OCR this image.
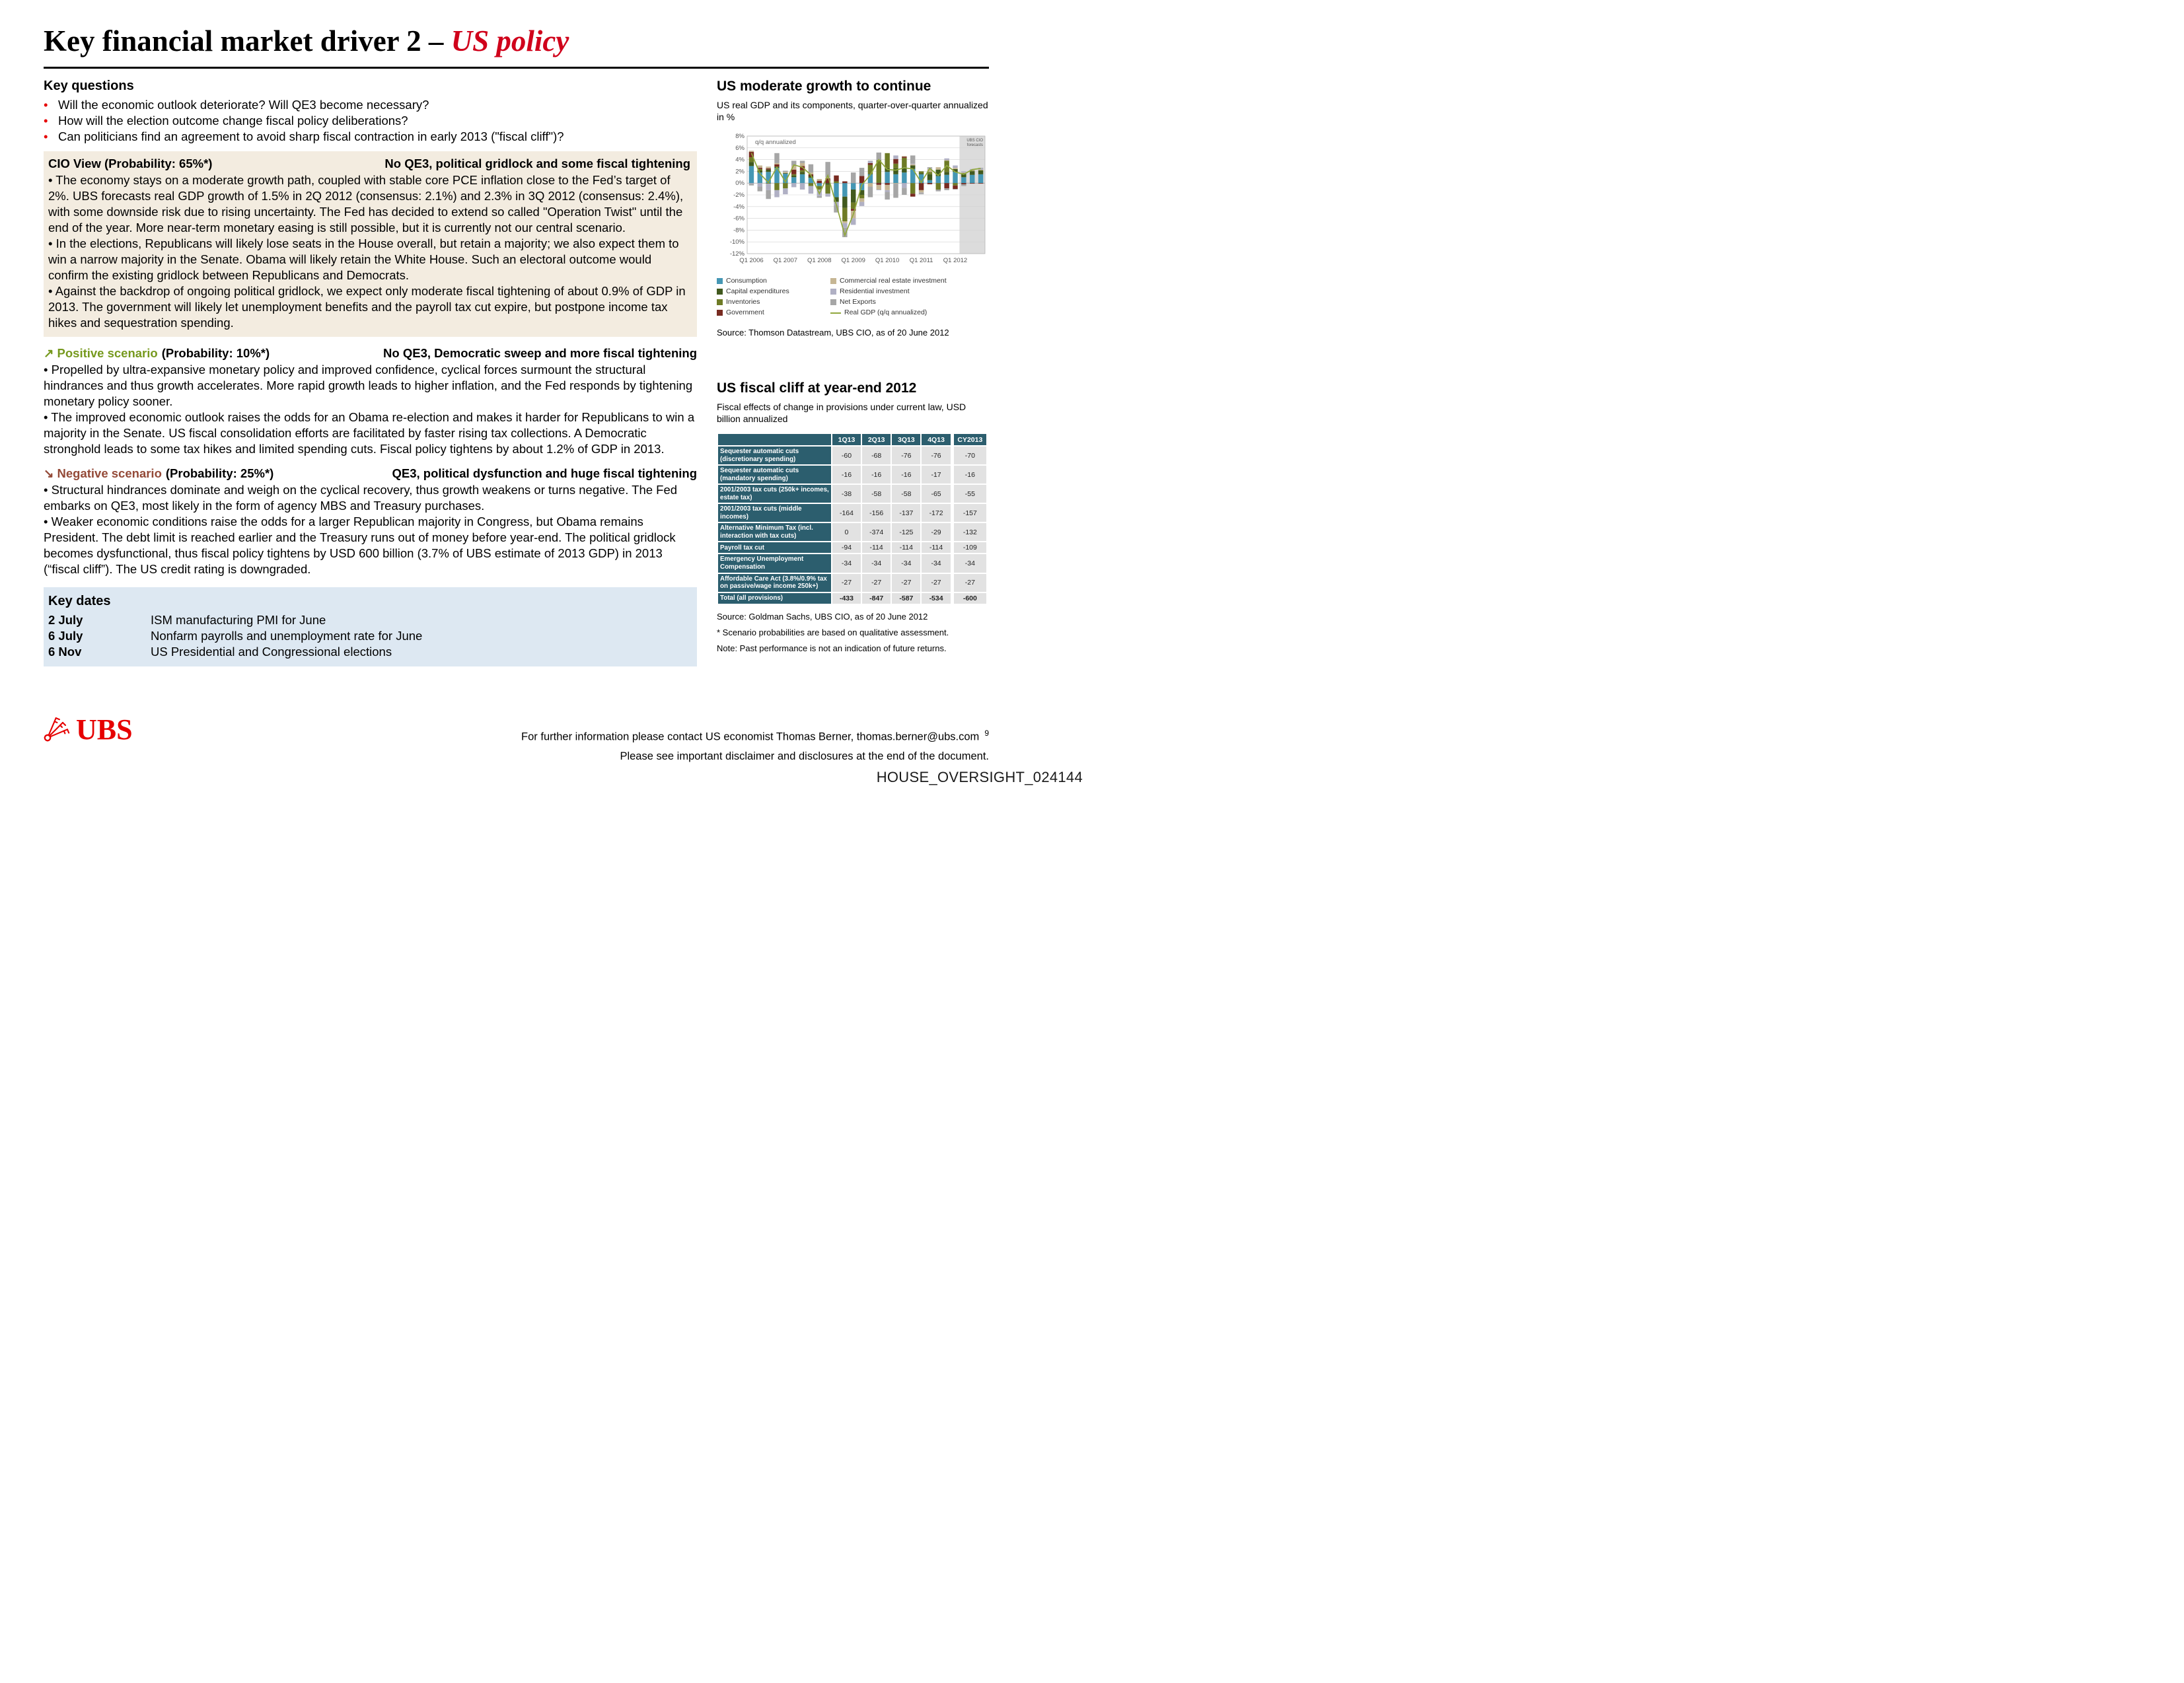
Key financial market driver 2 – US policy
Key questions
• Will the economic outlook deteriorate? Will QE3 become necessary?
• How will the election outcome change fiscal policy deliberations?
• Can politicians find an agreement to avoid sharp fiscal contraction in early 2013 ("fiscal cliff")?
CIO View (Probability: 65%*)	No QE3, political gridlock and some fiscal tightening

• The economy stays on a moderate growth path, coupled with stable core PCE inflation close to the Fed’s target of 2%. UBS forecasts real GDP growth of 1.5% in 2Q 2012 (consensus: 2.1%) and 2.3% in 3Q 2012 (consensus: 2.4%), with some downside risk due to rising uncertainty. The Fed has decided to extend so called "Operation Twist" until the end of the year. More near-term monetary easing is still possible, but it is currently not our central scenario.

• In the elections, Republicans will likely lose seats in the House overall, but retain a majority; we also expect them to win a narrow majority in the Senate. Obama will likely retain the White House. Such an electoral outcome would confirm the existing gridlock between Republicans and Democrats.

• Against the backdrop of ongoing political gridlock, we expect only moderate fiscal tightening of about 0.9% of GDP in 2013. The government will likely let unemployment benefits and the payroll tax cut expire, but postpone income tax hikes and sequestration spending.

↗ Positive scenario (Probability: 10%*)	No QE3, Democratic sweep and more fiscal tightening

• Propelled by ultra-expansive monetary policy and improved confidence, cyclical forces surmount the structural hindrances and thus growth accelerates. More rapid growth leads to higher inflation, and the Fed responds by tightening monetary policy sooner.

• The improved economic outlook raises the odds for an Obama re-election and makes it harder for Republicans to win a majority in the Senate. US fiscal consolidation efforts are facilitated by faster rising tax collections. A Democratic stronghold leads to some tax hikes and limited spending cuts. Fiscal policy tightens by about 1.2% of GDP in 2013.

↘ Negative scenario (Probability: 25%*)	QE3, political dysfunction and huge fiscal tightening

• Structural hindrances dominate and weigh on the cyclical recovery, thus growth weakens or turns negative. The Fed embarks on QE3, most likely in the form of agency MBS and Treasury purchases.

• Weaker economic conditions raise the odds for a larger Republican majority in Congress, but Obama remains President. The debt limit is reached earlier and the Treasury runs out of money before year-end. The political gridlock becomes dysfunctional, thus fiscal policy tightens by USD 600 billion (3.7% of UBS estimate of 2013 GDP) in 2013 (“fiscal cliff”). The US credit rating is downgraded.

Key dates
2 July	ISM manufacturing PMI for June
6 July	Nonfarm payrolls and unemployment rate for June
6 Nov	US Presidential and Congressional elections
US moderate growth to continue
US real GDP and its components, quarter-over-quarter annualized in %
8%
6%
4%
2%
0%
-2%
-4%
-6%
-8%
-10%
-12%
q/q annualized	UBS CIO
forecasts
Q1 2006 Q1 2007 Q1 2008 Q1 2009 Q1 2010 Q1 2011 Q1 2012
Consumption
Capital expenditures
Inventories
Government
Commercial real estate investment
Residential investment
Net Exports
Real GDP (q/q annualized)
Source: Thomson Datastream, UBS CIO, as of 20 June 2012
US fiscal cliff at year-end 2012
Fiscal effects of change in provisions under current law, USD billion annualized
	1Q13	2Q13	3Q13	4Q13	CY2013
Sequester automatic cuts (discretionary spending)	-60	-68	-76	-76	-70
Sequester automatic cuts (mandatory spending)	-16	-16	-16	-17	-16
2001/2003 tax cuts (250k+ incomes, estate tax)	-38	-58	-58	-65	-55
2001/2003 tax cuts (middle incomes)	-164	-156	-137	-172	-157
Alternative Minimum Tax (incl. interaction with tax cuts)	0	-374	-125	-29	-132
Payroll tax cut	-94	-114	-114	-114	-109
Emergency Unemployment Compensation	-34	-34	-34	-34	-34
Affordable Care Act (3.8%/0.9% tax on passive/wage income 250k+)	-27	-27	-27	-27	-27
Total (all provisions)	-433	-847	-587	-534	-600
Source: Goldman Sachs, UBS CIO, as of 20 June 2012
* Scenario probabilities are based on qualitative assessment.
Note: Past performance is not an indication of future returns.
UBS	For further information please contact US economist Thomas Berner, thomas.berner@ubs.com $^9$
Please see important disclaimer and disclosures at the end of the document.
HOUSE_OVERSIGHT_024144
